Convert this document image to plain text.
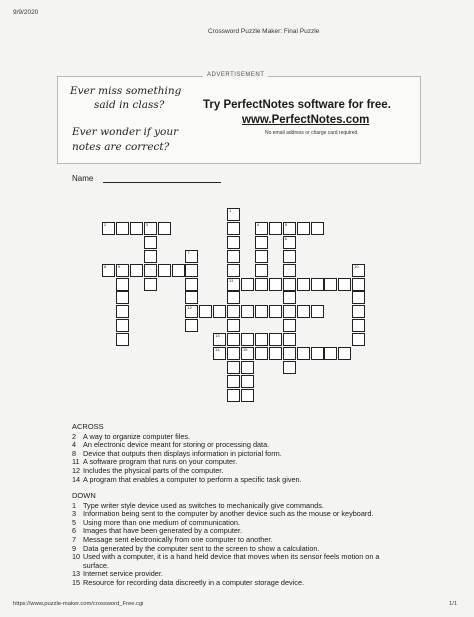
9/9/2020
Crossword Puzzle Maker: Final Puzzle
ADVERTISEMENT
Ever miss something
said in class?
Ever wonder if your
notes are correct?
Try PerfectNotes software for free.
www.PerfectNotes.com
No email address or charge card required.
Name
1
11
2	3	4	5
6
7
12
8	9	10
13
14	15
ACROSS
2 A way to organize computer files.
4 An electronic device meant for storing or processing data.
8 Device that outputs then displays information in pictorial form.
11 A software program that runs on your computer.
12 Includes the physical parts of the computer.
14 A program that enables a computer to perform a specific task given.
DOWN
1 Type writer style device used as switches to mechanically give commands.
3 Information being sent to the computer by another device such as the mouse or keyboard.
5 Using more than one medium of communication.
6 Images that have been generated by a computer.
7 Message sent electronically from one computer to another.
9 Data generated by the computer sent to the screen to show a calculation.
10 Used with a computer, it is a hand held device that moves when its sensor feels motion on a surface.
13 Internet service provider.
15 Resource for recording data discreetly in a computer storage device.
https://www.puzzle-maker.com/crossword_Free.cgi	1/1
